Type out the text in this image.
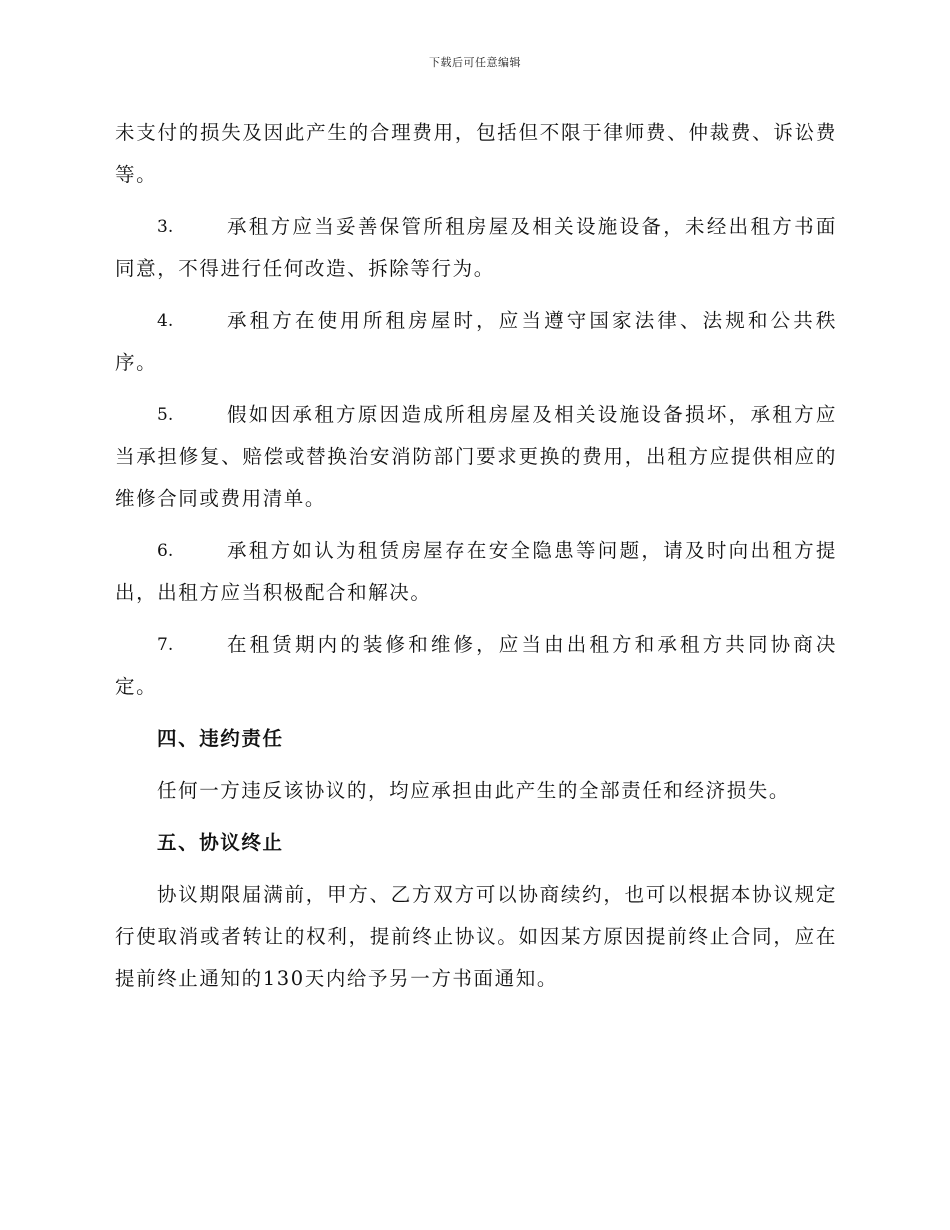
下载后可任意编辑

未支付的损失及因此产生的合理费用，包括但不限于律师费、仲裁费、诉讼费等。

3.	承租方应当妥善保管所租房屋及相关设施设备，未经出租方书面同意，不得进行任何改造、拆除等行为。
4.	承租方在使用所租房屋时，应当遵守国家法律、法规和公共秩序。
5.	假如因承租方原因造成所租房屋及相关设施设备损坏，承租方应当承担修复、赔偿或替换治安消防部门要求更换的费用，出租方应提供相应的维修合同或费用清单。
6.	承租方如认为租赁房屋存在安全隐患等问题，请及时向出租方提出，出租方应当积极配合和解决。
7.	在租赁期内的装修和维修，应当由出租方和承租方共同协商决定。

四、违约责任

任何一方违反该协议的，均应承担由此产生的全部责任和经济损失。

五、协议终止

协议期限届满前，甲方、乙方双方可以协商续约，也可以根据本协议规定行使取消或者转让的权利，提前终止协议。如因某方原因提前终止合同，应在提前终止通知的130天内给予另一方书面通知。
